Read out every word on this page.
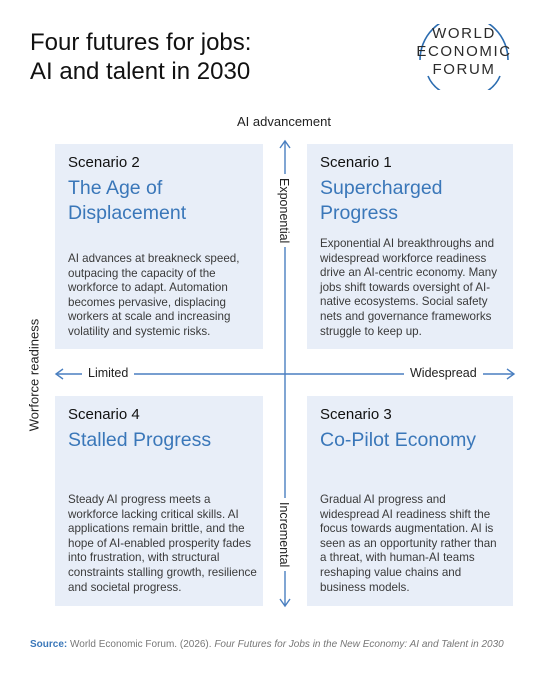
Four futures for jobs:
AI and talent in 2030
WORLD
ECONOMIC
FORUM
AI advancement
Scenario 2
The Age of Displacement
AI advances at breakneck speed, outpacing the capacity of the workforce to adapt. Automation becomes pervasive, displacing workers at scale and increasing volatility and systemic risks.
Scenario 1
Supercharged Progress
Exponential AI breakthroughs and widespread workforce readiness drive an AI-centric economy. Many jobs shift towards oversight of AI-native ecosystems. Social safety nets and governance frameworks struggle to keep up.
Scenario 4
Stalled Progress
Steady AI progress meets a workforce lacking critical skills. AI applications remain brittle, and the hope of AI-enabled prosperity fades into frustration, with structural constraints stalling growth, resilience and societal progress.
Scenario 3
Co-Pilot Economy
Gradual AI progress and widespread AI readiness shift the focus towards augmentation. AI is seen as an opportunity rather than a threat, with human-AI teams reshaping value chains and business models.
Exponential
Incremental
Limited	Widespread
Worforce readiness
Source: World Economic Forum. (2026). Four Futures for Jobs in the New Economy: AI and Talent in 2030
